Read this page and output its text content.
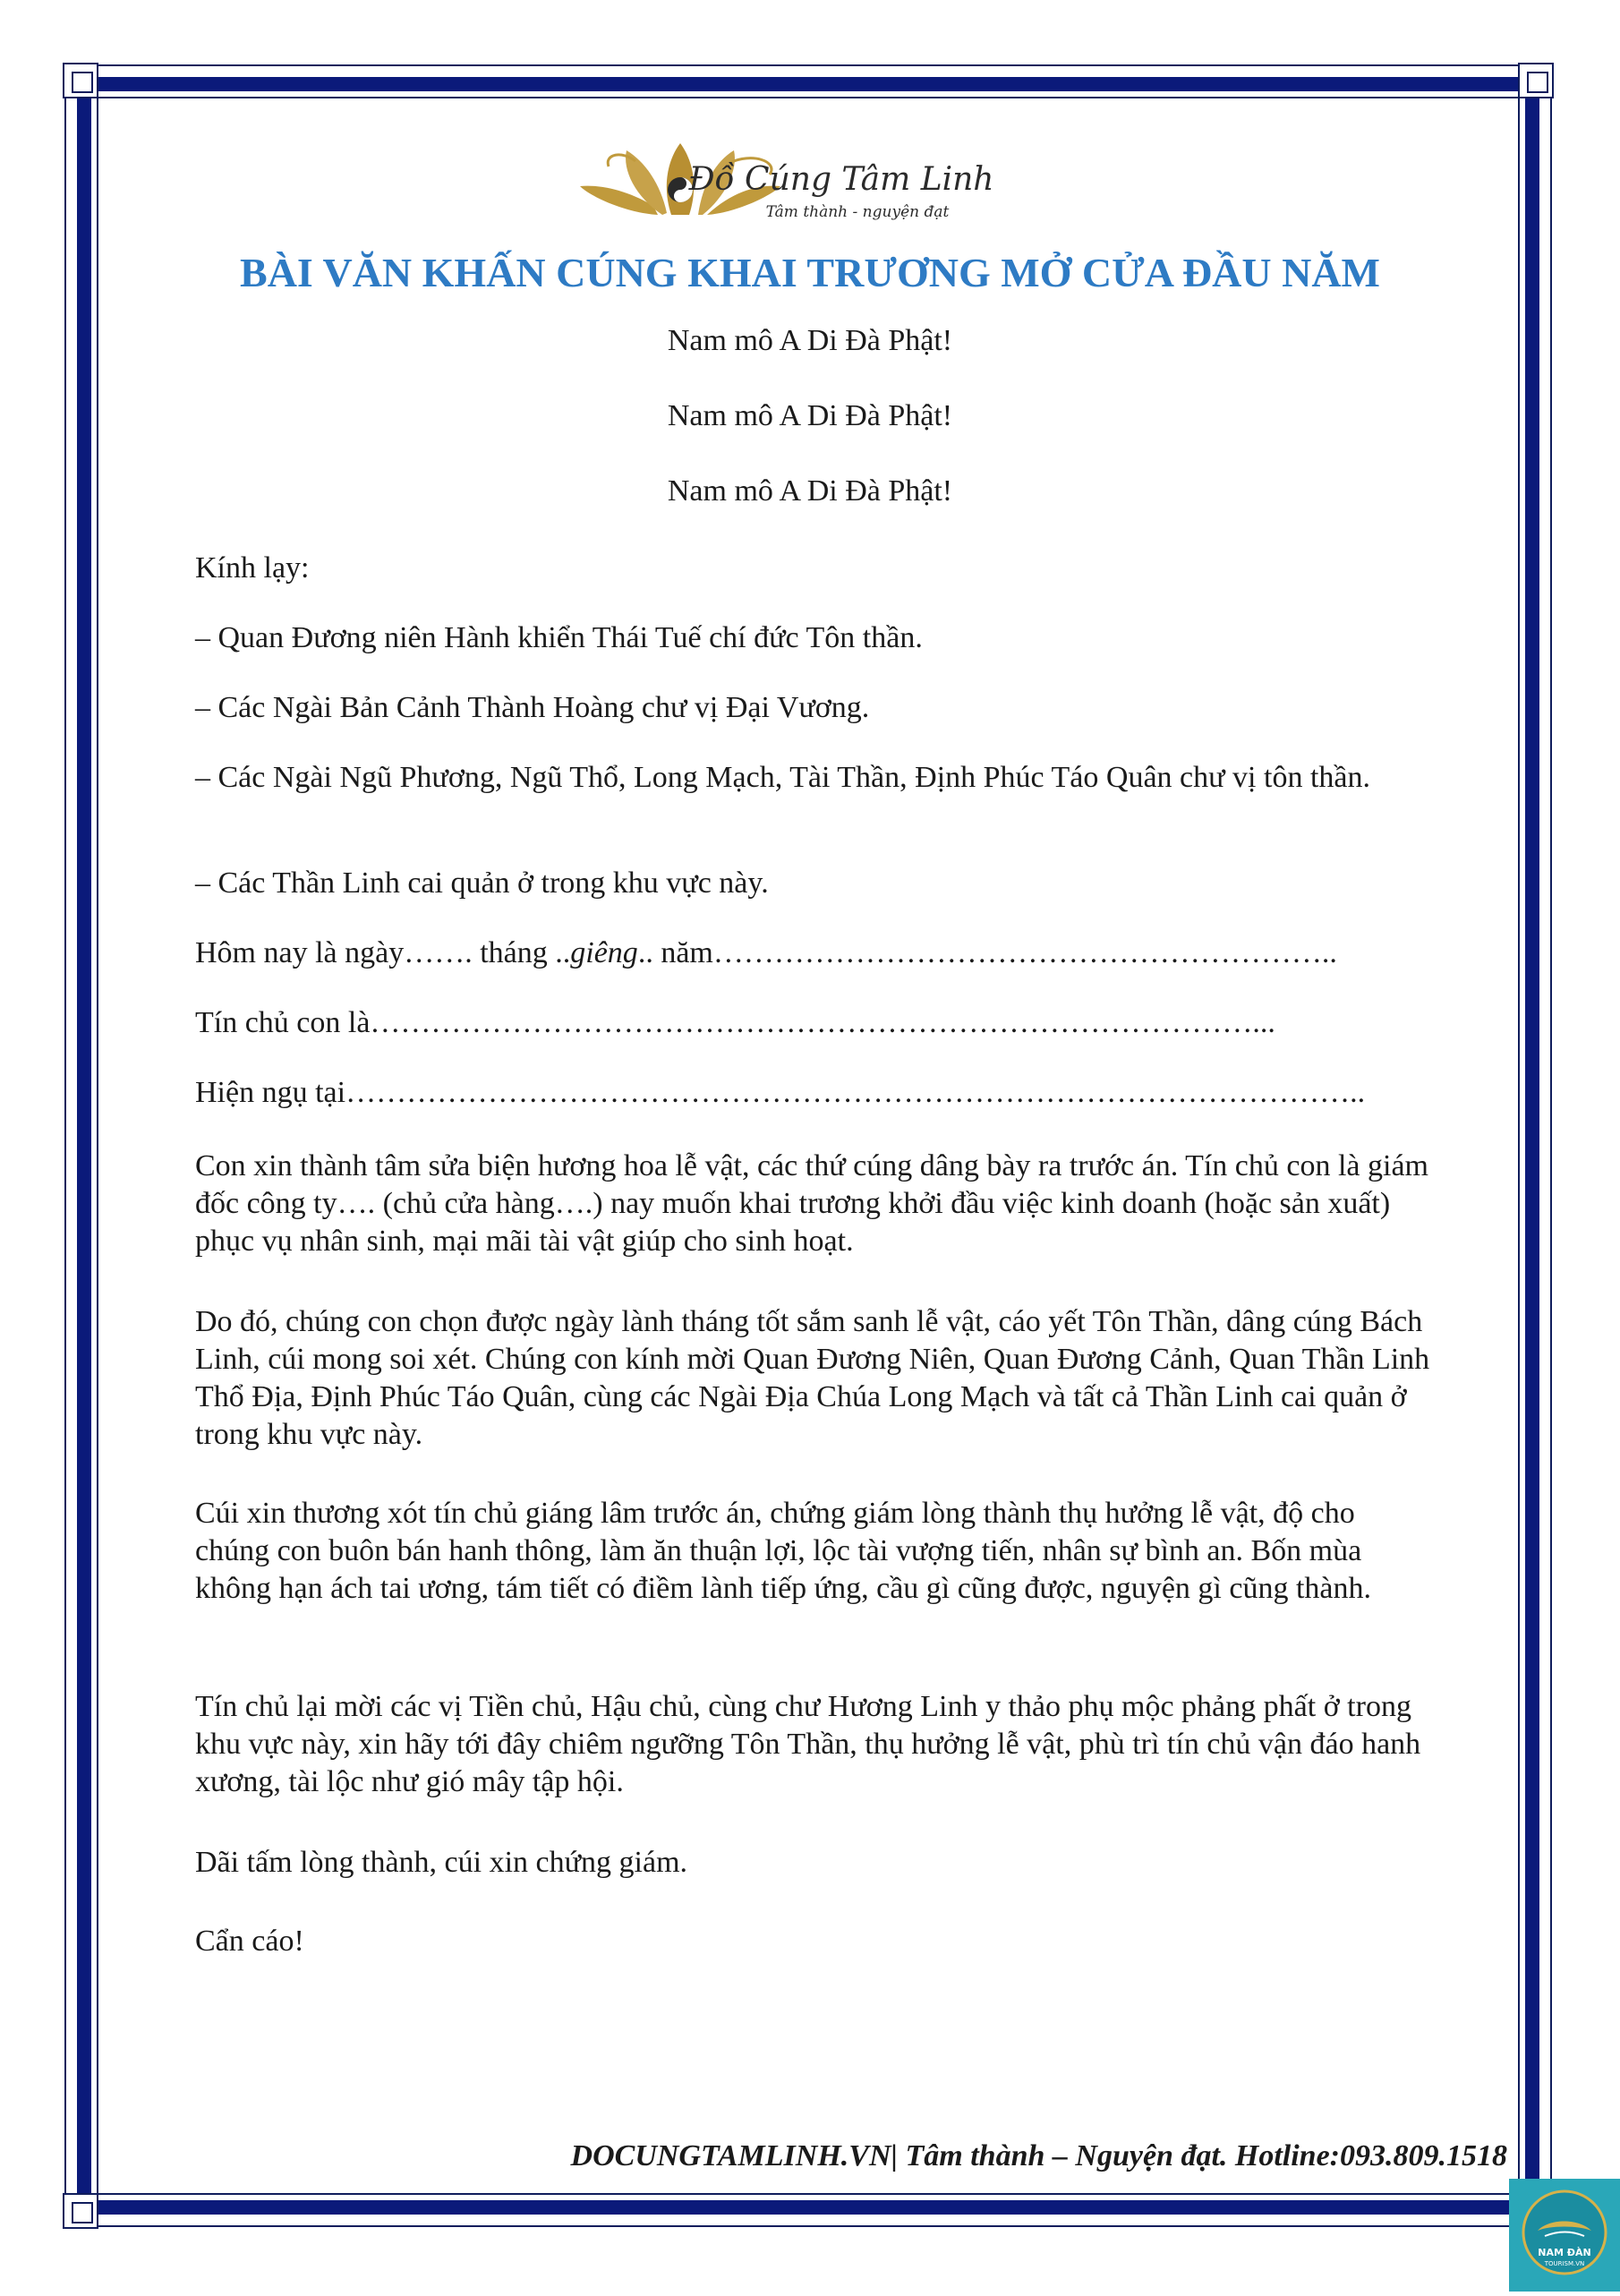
Đồ Cúng Tâm Linh
Tâm thành - nguyện đạt
BÀI VĂN KHẤN CÚNG KHAI TRƯƠNG MỞ CỬA ĐẦU NĂM
Nam mô A Di Đà Phật!
Nam mô A Di Đà Phật!
Nam mô A Di Đà Phật!
Kính lạy:
– Quan Đương niên Hành khiển Thái Tuế chí đức Tôn thần.
– Các Ngài Bản Cảnh Thành Hoàng chư vị Đại Vương.
– Các Ngài Ngũ Phương, Ngũ Thổ, Long Mạch, Tài Thần, Định Phúc Táo Quân chư vị tôn thần.
– Các Thần Linh cai quản ở trong khu vực này.
Hôm nay là ngày……. tháng ..giêng.. năm……………………………………………………..
Tín chủ con là……………………………………………………………………………...
Hiện ngụ tại………………………………………………………………………………………..
Con xin thành tâm sửa biện hương hoa lễ vật, các thứ cúng dâng bày ra trước án. Tín chủ con là giám đốc công ty…. (chủ cửa hàng….) nay muốn khai trương khởi đầu việc kinh doanh (hoặc sản xuất) phục vụ nhân sinh, mại mãi tài vật giúp cho sinh hoạt.
Do đó, chúng con chọn được ngày lành tháng tốt sắm sanh lễ vật, cáo yết Tôn Thần, dâng cúng Bách Linh, cúi mong soi xét. Chúng con kính mời Quan Đương Niên, Quan Đương Cảnh, Quan Thần Linh Thổ Địa, Định Phúc Táo Quân, cùng các Ngài Địa Chúa Long Mạch và tất cả Thần Linh cai quản ở trong khu vực này.
Cúi xin thương xót tín chủ giáng lâm trước án, chứng giám lòng thành thụ hưởng lễ vật, độ cho chúng con buôn bán hanh thông, làm ăn thuận lợi, lộc tài vượng tiến, nhân sự bình an. Bốn mùa không hạn ách tai ương, tám tiết có điềm lành tiếp ứng, cầu gì cũng được, nguyện gì cũng thành.
Tín chủ lại mời các vị Tiền chủ, Hậu chủ, cùng chư Hương Linh y thảo phụ mộc phảng phất ở trong khu vực này, xin hãy tới đây chiêm ngưỡng Tôn Thần, thụ hưởng lễ vật, phù trì tín chủ vận đáo hanh xương, tài lộc như gió mây tập hội.
Dãi tấm lòng thành, cúi xin chứng giám.
Cẩn cáo!
DOCUNGTAMLINH.VN| Tâm thành – Nguyện đạt. Hotline:093.809.1518
NAM ĐÀN
TOURISM.VN
